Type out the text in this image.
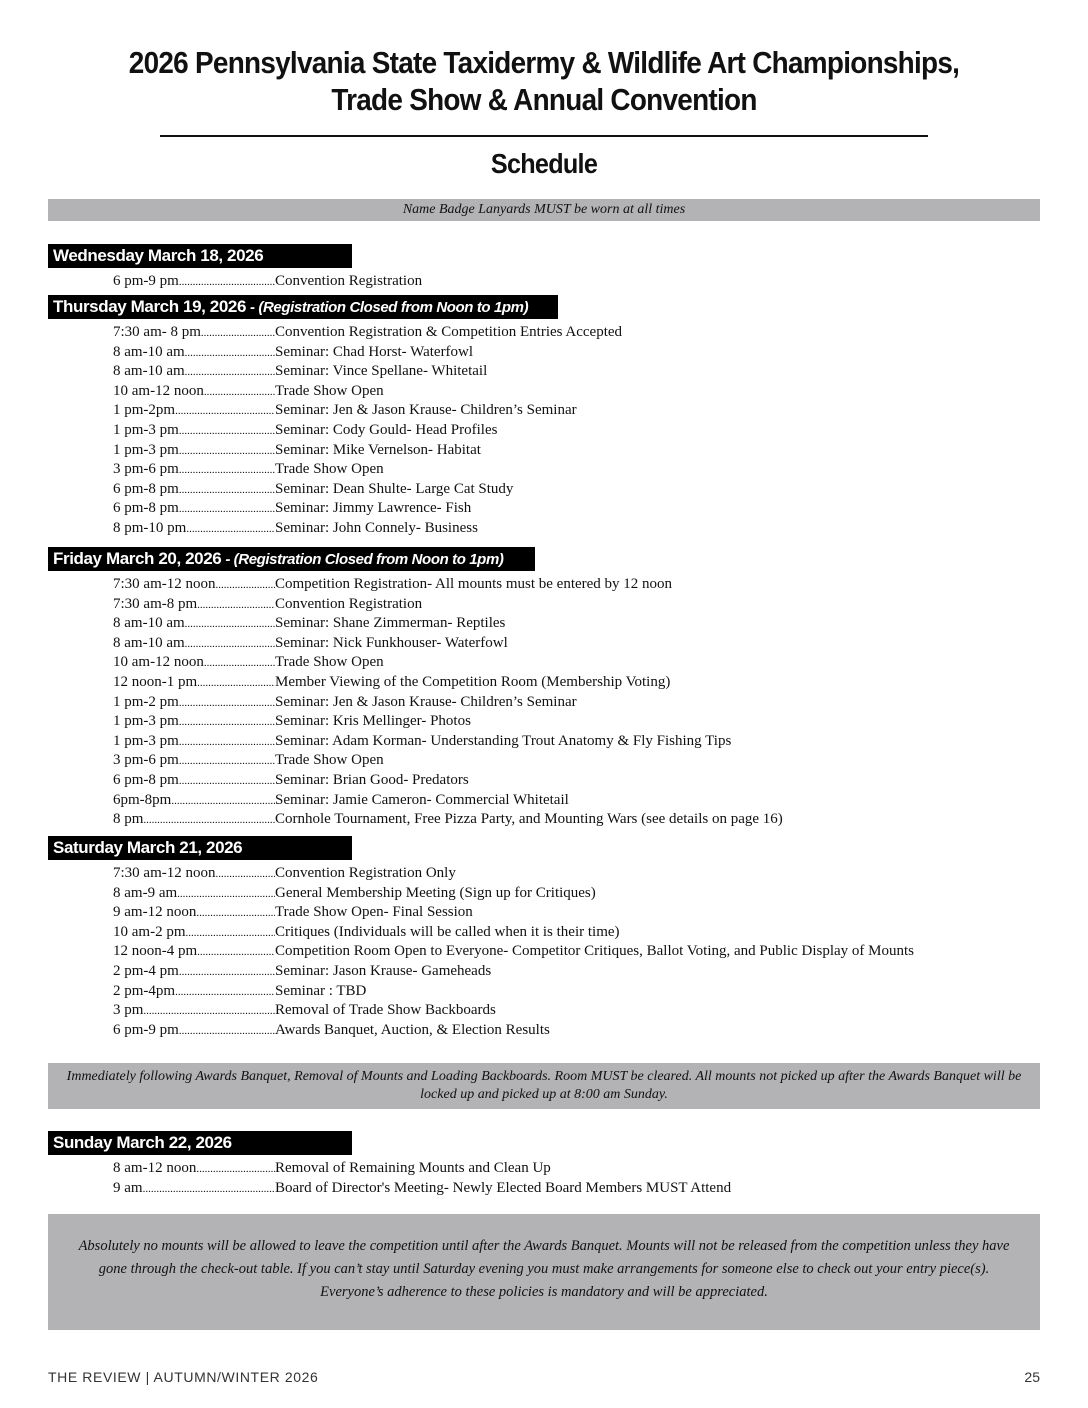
2026 Pennsylvania State Taxidermy & Wildlife Art Championships,
Trade Show & Annual Convention
Schedule
Name Badge Lanyards MUST be worn at all times
Wednesday March 18, 2026
6 pm-9 pm .....	Convention Registration
Thursday March 19, 2026 - (Registration Closed from Noon to 1pm)
7:30 am- 8 pm .....	Convention Registration & Competition Entries Accepted
8 am-10 am .....	Seminar: Chad Horst- Waterfowl
8 am-10 am .....	Seminar: Vince Spellane- Whitetail
10 am-12 noon .....	Trade Show Open
1 pm-2pm .....	Seminar: Jen & Jason Krause- Children’s Seminar
1 pm-3 pm .....	Seminar: Cody Gould- Head Profiles
1 pm-3 pm .....	Seminar: Mike Vernelson- Habitat
3 pm-6 pm .....	Trade Show Open
6 pm-8 pm .....	Seminar: Dean Shulte- Large Cat Study
6 pm-8 pm .....	Seminar: Jimmy Lawrence- Fish
8 pm-10 pm .....	Seminar: John Connely- Business
Friday March 20, 2026 - (Registration Closed from Noon to 1pm)
7:30 am-12 noon .....	Competition Registration- All mounts must be entered by 12 noon
7:30 am-8 pm .....	Convention Registration
8 am-10 am .....	Seminar: Shane Zimmerman- Reptiles
8 am-10 am .....	Seminar: Nick Funkhouser- Waterfowl
10 am-12 noon .....	Trade Show Open
12 noon-1 pm .....	Member Viewing of the Competition Room (Membership Voting)
1 pm-2 pm .....	Seminar: Jen & Jason Krause- Children’s Seminar
1 pm-3 pm .....	Seminar: Kris Mellinger- Photos
1 pm-3 pm .....	Seminar: Adam Korman- Understanding Trout Anatomy & Fly Fishing Tips
3 pm-6 pm .....	Trade Show Open
6 pm-8 pm .....	Seminar: Brian Good- Predators
6pm-8pm .....	Seminar: Jamie Cameron- Commercial Whitetail
8 pm .....	Cornhole Tournament, Free Pizza Party, and Mounting Wars (see details on page 16)
Saturday March 21, 2026
7:30 am-12 noon .....	Convention Registration Only
8 am-9 am .....	General Membership Meeting (Sign up for Critiques)
9 am-12 noon .....	Trade Show Open- Final Session
10 am-2 pm .....	Critiques (Individuals will be called when it is their time)
12 noon-4 pm .....	Competition Room Open to Everyone- Competitor Critiques, Ballot Voting, and Public Display of Mounts
2 pm-4 pm .....	Seminar: Jason Krause- Gameheads
2 pm-4pm .....	Seminar : TBD
3 pm .....	Removal of Trade Show Backboards
6 pm-9 pm .....	Awards Banquet, Auction, & Election Results
Immediately following Awards Banquet, Removal of Mounts and Loading Backboards. Room MUST be cleared. All mounts not picked up after the Awards Banquet will be locked up and picked up at 8:00 am Sunday.
Sunday March 22, 2026
8 am-12 noon .....	Removal of Remaining Mounts and Clean Up
9 am .....	Board of Director's Meeting- Newly Elected Board Members MUST Attend
Absolutely no mounts will be allowed to leave the competition until after the Awards Banquet. Mounts will not be released from the competition unless they have gone through the check-out table. If you can’t stay until Saturday evening you must make arrangements for someone else to check out your entry piece(s). Everyone’s adherence to these policies is mandatory and will be appreciated.
THE REVIEW | AUTUMN/WINTER 2026	25
